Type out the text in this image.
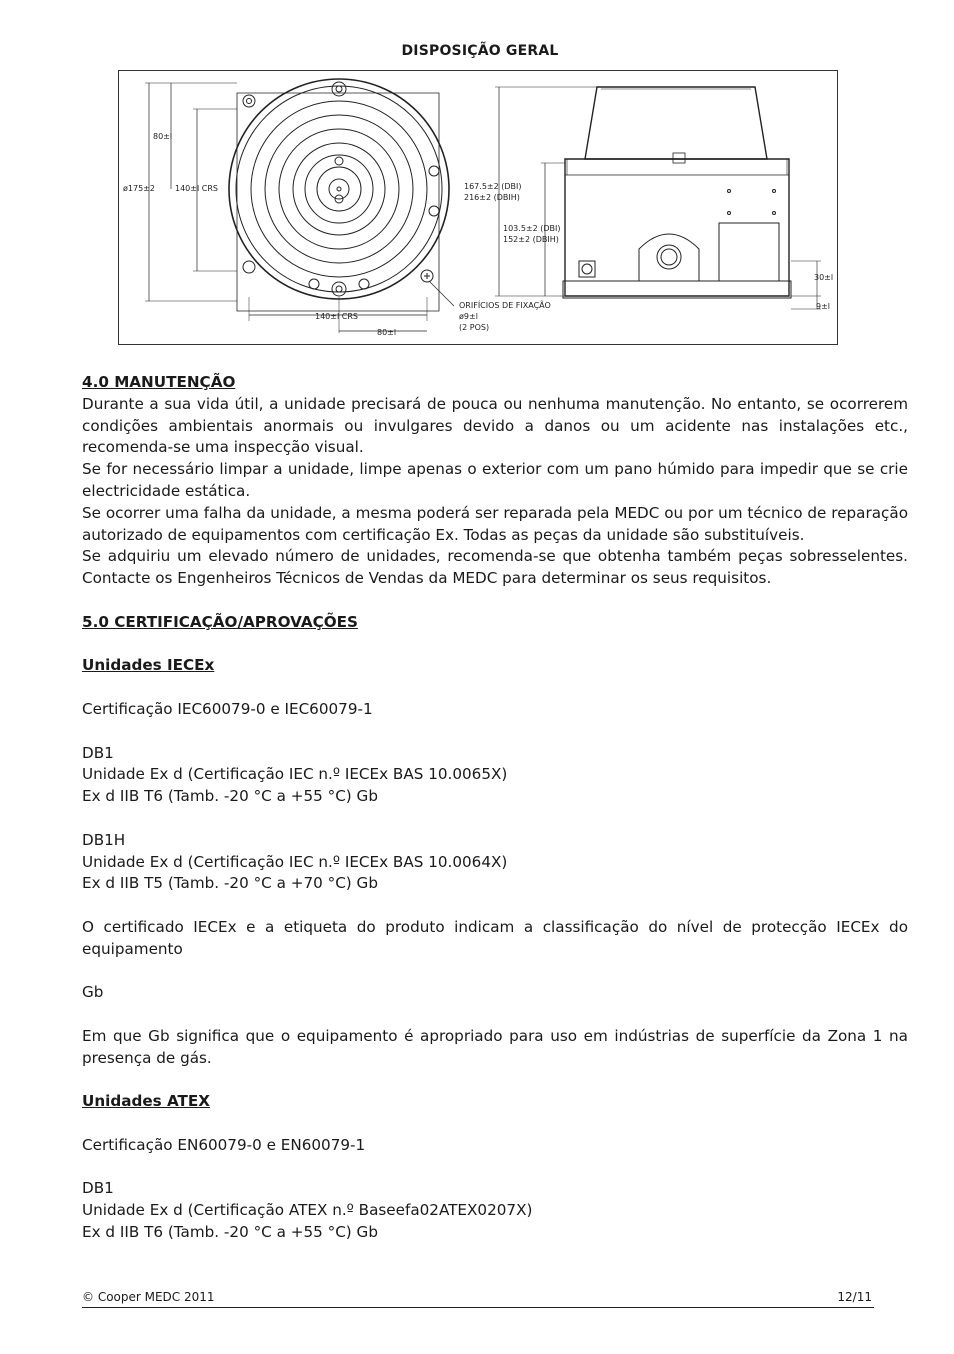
DISPOSIÇÃO GERAL
80±l
ø175±2	140±l CRS	167.5±2 (DBI)
216±2 (DBIH)
103.5±2 (DBI)
152±2 (DBIH)
30±l
9±l
140±l CRS
80±l
ORIFÍCIOS DE FIXAÇÃO
ø9±l
(2 POS)

4.0 MANUTENÇÃO

Durante a sua vida útil, a unidade precisará de pouca ou nenhuma manutenção. No entanto, se ocorrerem condições ambientais anormais ou invulgares devido a danos ou um acidente nas instalações etc., recomenda-se uma inspecção visual.

Se for necessário limpar a unidade, limpe apenas o exterior com um pano húmido para impedir que se crie electricidade estática.

Se ocorrer uma falha da unidade, a mesma poderá ser reparada pela MEDC ou por um técnico de reparação autorizado de equipamentos com certificação Ex. Todas as peças da unidade são substituíveis.

Se adquiriu um elevado número de unidades, recomenda-se que obtenha também peças sobresselentes. Contacte os Engenheiros Técnicos de Vendas da MEDC para determinar os seus requisitos.

5.0 CERTIFICAÇÃO/APROVAÇÕES

Unidades IECEx

Certificação IEC60079-0 e IEC60079-1

DB1

Unidade Ex d (Certificação IEC n.º IECEx BAS 10.0065X)

Ex d IIB T6 (Tamb. -20 °C a +55 °C) Gb

DB1H

Unidade Ex d (Certificação IEC n.º IECEx BAS 10.0064X)

Ex d IIB T5 (Tamb. -20 °C a +70 °C) Gb

O certificado IECEx e a etiqueta do produto indicam a classificação do nível de protecção IECEx do equipamento

Gb

Em que Gb significa que o equipamento é apropriado para uso em indústrias de superfície da Zona 1 na presença de gás.

Unidades ATEX

Certificação EN60079-0 e EN60079-1

DB1

Unidade Ex d (Certificação ATEX n.º Baseefa02ATEX0207X)

Ex d IIB T6 (Tamb. -20 °C a +55 °C) Gb

© Cooper MEDC 2011	12/11
